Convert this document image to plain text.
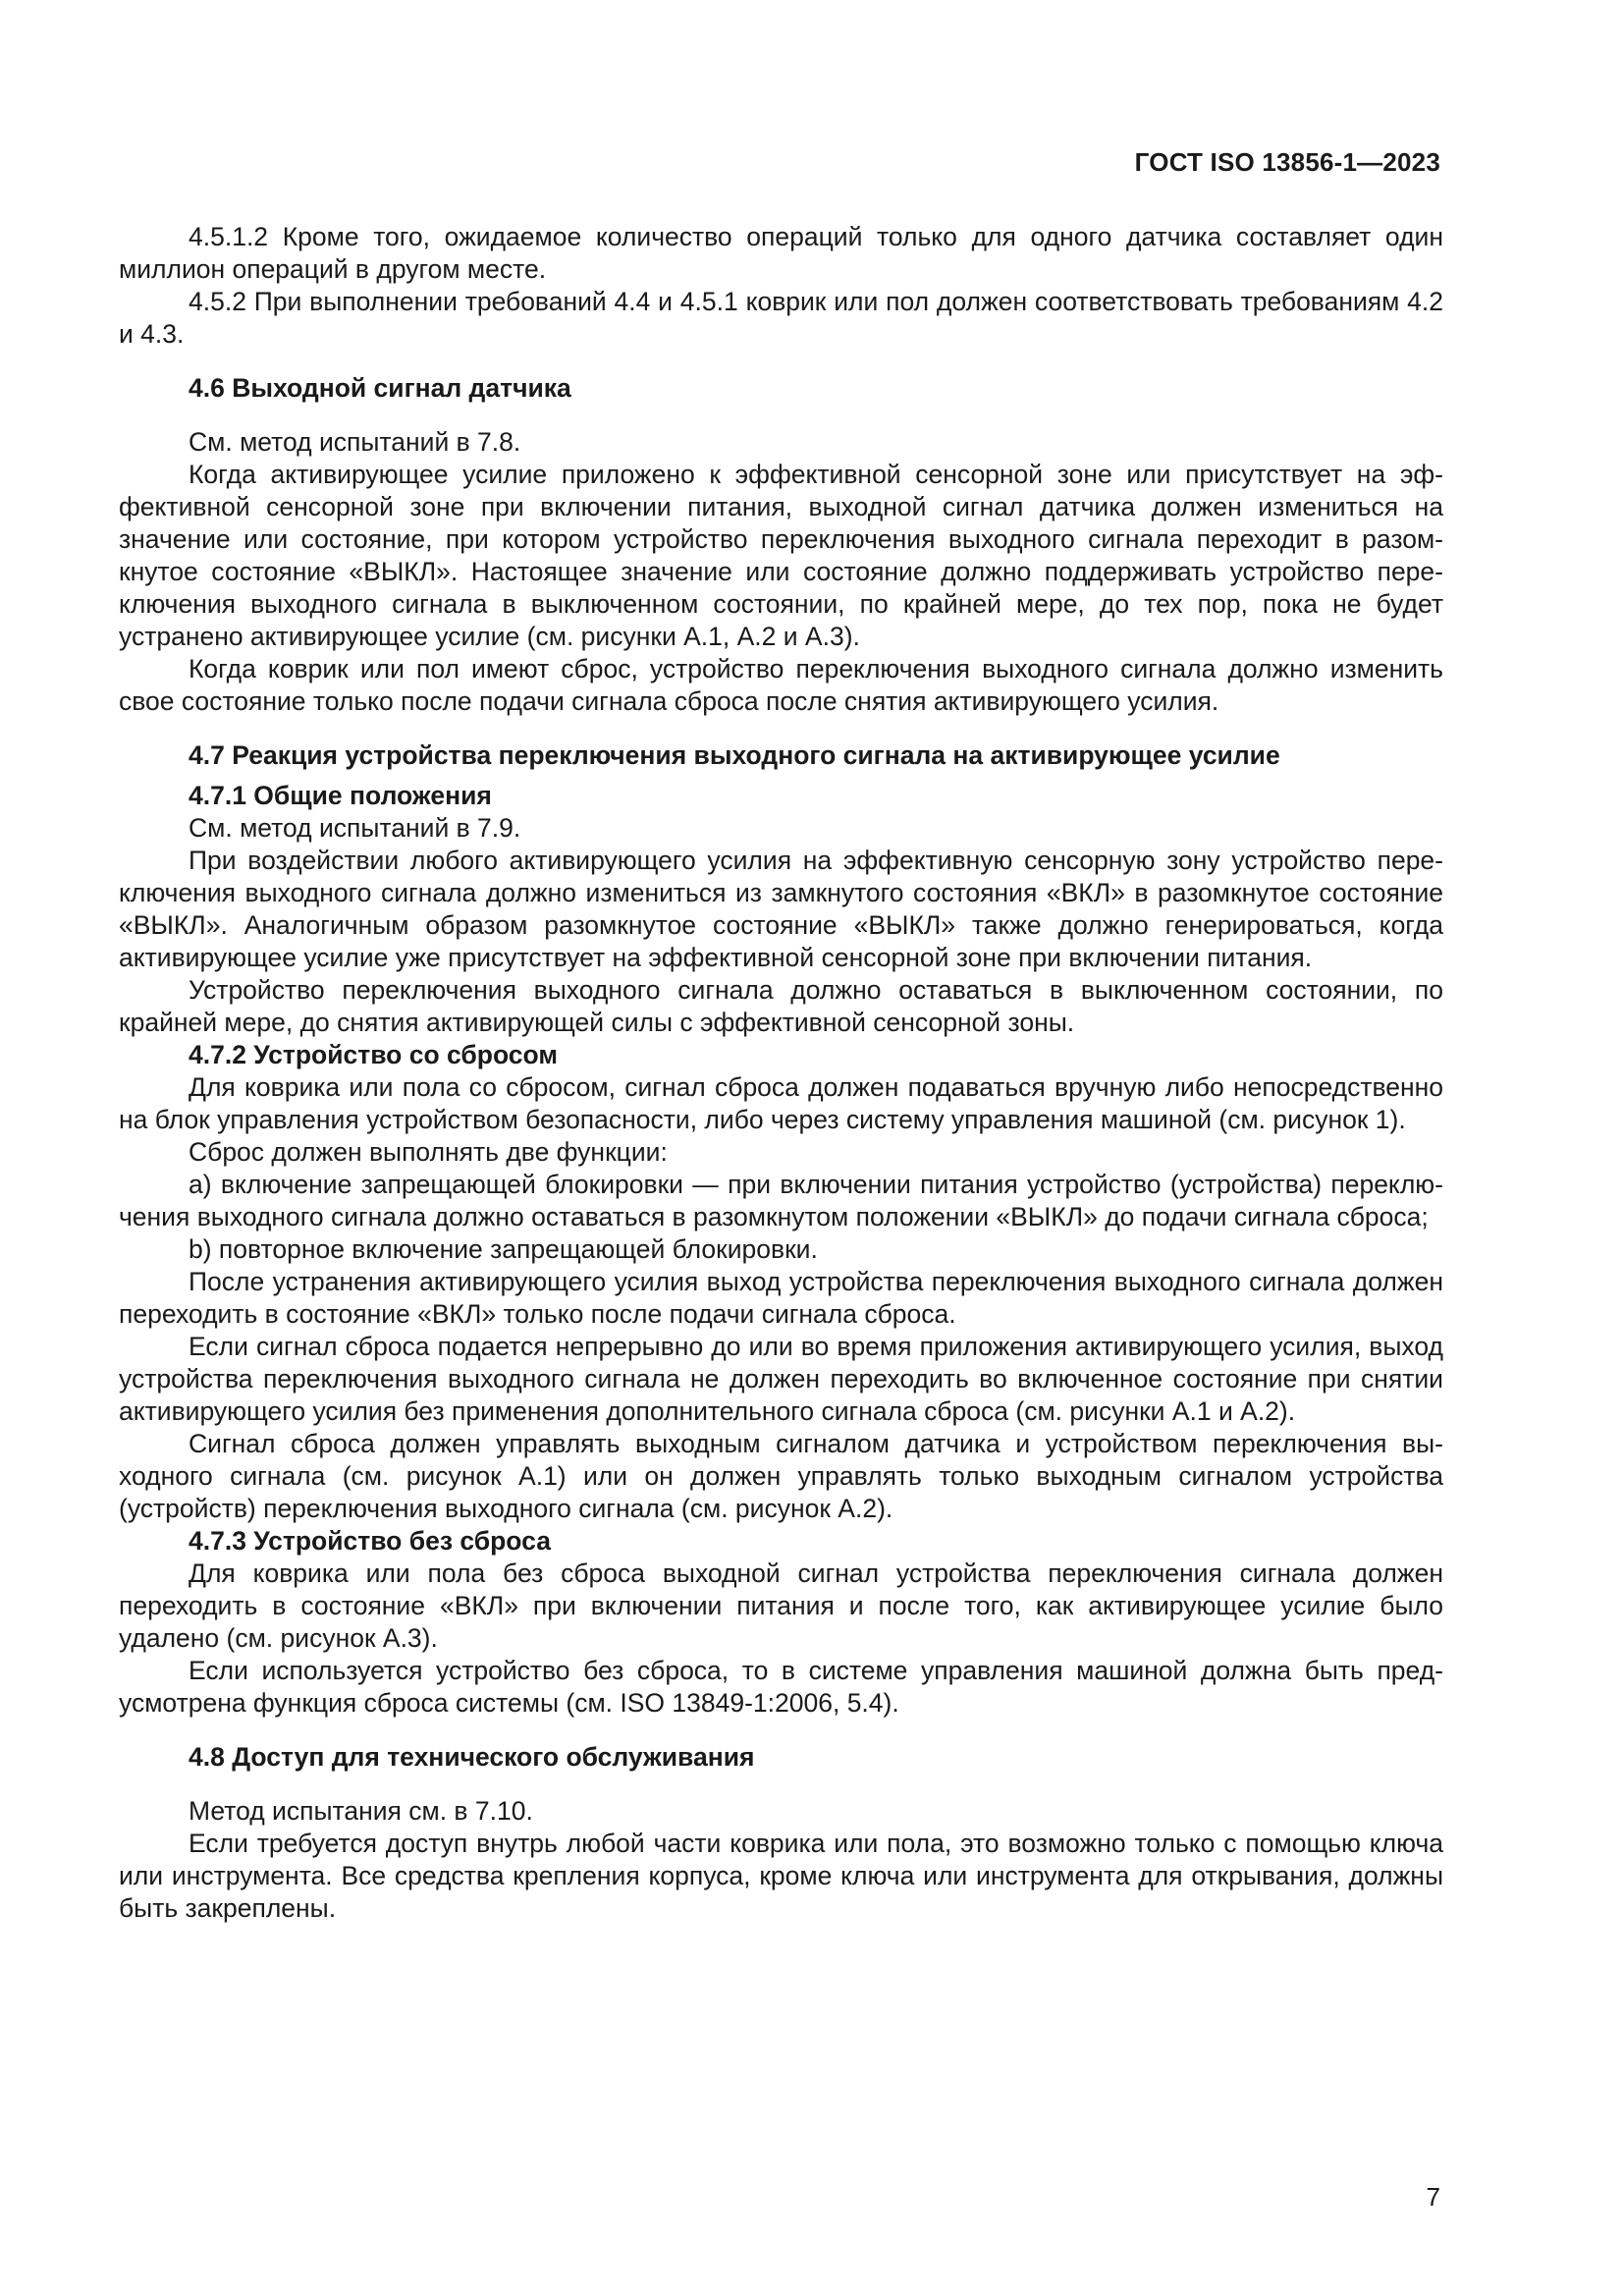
ГОСТ ISO 13856-1—2023

4.5.1.2 Кроме того, ожидаемое количество операций только для одного датчика составляет один миллион операций в другом месте.

4.5.2 При выполнении требований 4.4 и 4.5.1 коврик или пол должен соответствовать требованиям 4.2 и 4.3.

4.6 Выходной сигнал датчика

См. метод испытаний в 7.8.

Когда активирующее усилие приложено к эффективной сенсорной зоне или присутствует на эффективной сенсорной зоне при включении питания, выходной сигнал датчика должен измениться на значение или состояние, при котором устройство переключения выходного сигнала переходит в разомкнутое состояние «ВЫКЛ». Настоящее значение или состояние должно поддерживать устройство переключения выходного сигнала в выключенном состоянии, по крайней мере, до тех пор, пока не будет устранено активирующее усилие (см. рисунки А.1, А.2 и А.3).

Когда коврик или пол имеют сброс, устройство переключения выходного сигнала должно изменить свое состояние только после подачи сигнала сброса после снятия активирующего усилия.

4.7 Реакция устройства переключения выходного сигнала на активирующее усилие

4.7.1 Общие положения

См. метод испытаний в 7.9.

При воздействии любого активирующего усилия на эффективную сенсорную зону устройство переключения выходного сигнала должно измениться из замкнутого состояния «ВКЛ» в разомкнутое состояние «ВЫКЛ». Аналогичным образом разомкнутое состояние «ВЫКЛ» также должно генерироваться, когда активирующее усилие уже присутствует на эффективной сенсорной зоне при включении питания.

Устройство переключения выходного сигнала должно оставаться в выключенном состоянии, по крайней мере, до снятия активирующей силы с эффективной сенсорной зоны.

4.7.2 Устройство со сбросом

Для коврика или пола со сбросом, сигнал сброса должен подаваться вручную либо непосредственно на блок управления устройством безопасности, либо через систему управления машиной (см. рисунок 1).

Сброс должен выполнять две функции:

a) включение запрещающей блокировки — при включении питания устройство (устройства) переключения выходного сигнала должно оставаться в разомкнутом положении «ВЫКЛ» до подачи сигнала сброса;

b) повторное включение запрещающей блокировки.

После устранения активирующего усилия выход устройства переключения выходного сигнала должен переходить в состояние «ВКЛ» только после подачи сигнала сброса.

Если сигнал сброса подается непрерывно до или во время приложения активирующего усилия, выход устройства переключения выходного сигнала не должен переходить во включенное состояние при снятии активирующего усилия без применения дополнительного сигнала сброса (см. рисунки А.1 и А.2).

Сигнал сброса должен управлять выходным сигналом датчика и устройством переключения выходного сигнала (см. рисунок А.1) или он должен управлять только выходным сигналом устройства (устройств) переключения выходного сигнала (см. рисунок А.2).

4.7.3 Устройство без сброса

Для коврика или пола без сброса выходной сигнал устройства переключения сигнала должен переходить в состояние «ВКЛ» при включении питания и после того, как активирующее усилие было удалено (см. рисунок А.3).

Если используется устройство без сброса, то в системе управления машиной должна быть предусмотрена функция сброса системы (см. ISO 13849-1:2006, 5.4).

4.8 Доступ для технического обслуживания

Метод испытания см. в 7.10.

Если требуется доступ внутрь любой части коврика или пола, это возможно только с помощью ключа или инструмента. Все средства крепления корпуса, кроме ключа или инструмента для открывания, должны быть закреплены.

7
